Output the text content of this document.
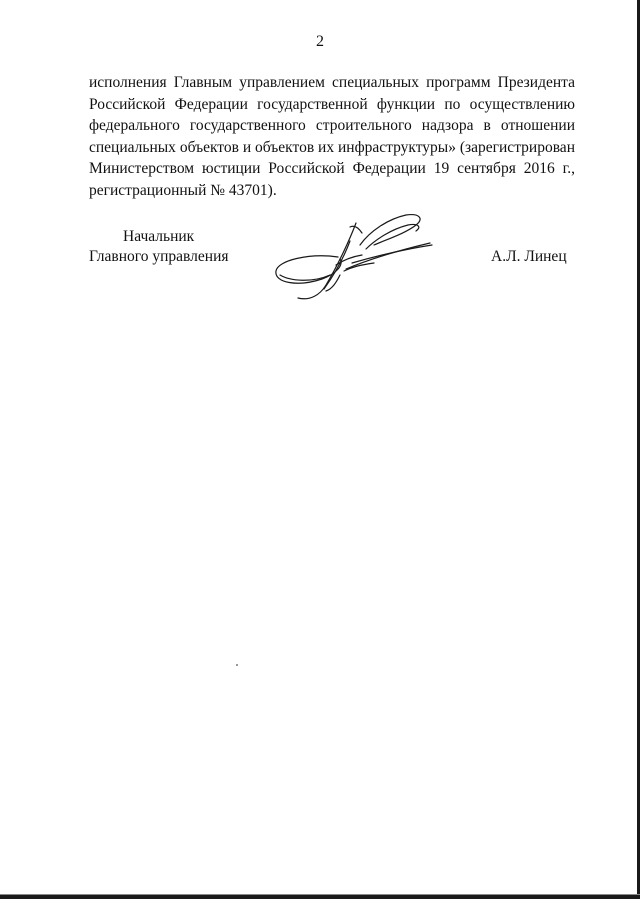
2
исполнения Главным управлением специальных программ Президента
Российской Федерации государственной функции по осуществлению
федерального государственного строительного надзора в отношении
специальных объектов и объектов их инфраструктуры» (зарегистрирован
Министерством юстиции Российской Федерации 19 сентября 2016 г.,
регистрационный № 43701).
Начальник
Главного управления	А.Л. Линец
